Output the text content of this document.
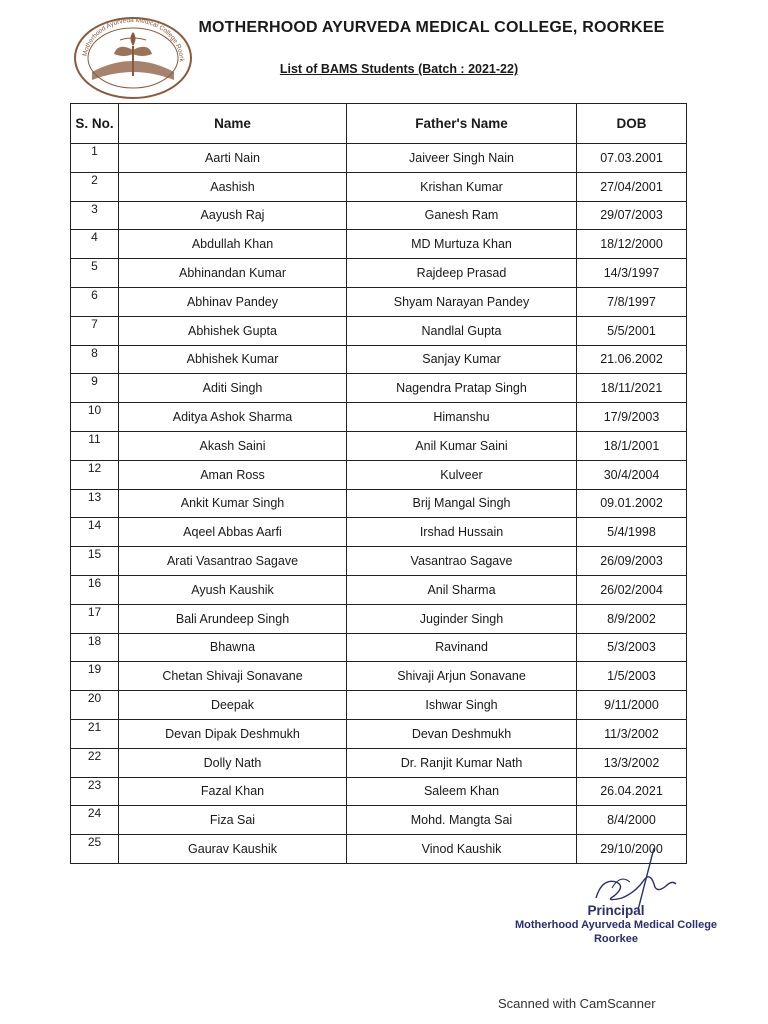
Motherhood Ayurveda Medical College Roork
MOTHERHOOD AYURVEDA MEDICAL COLLEGE, ROORKEE
List of BAMS Students (Batch : 2021-22)
S. No.	Name	Father's Name	DOB
1	Aarti Nain	Jaiveer Singh Nain	07.03.2001
2	Aashish	Krishan Kumar	27/04/2001
3	Aayush Raj	Ganesh Ram	29/07/2003
4	Abdullah Khan	MD Murtuza Khan	18/12/2000
5	Abhinandan Kumar	Rajdeep Prasad	14/3/1997
6	Abhinav Pandey	Shyam Narayan Pandey	7/8/1997
7	Abhishek Gupta	Nandlal Gupta	5/5/2001
8	Abhishek Kumar	Sanjay Kumar	21.06.2002
9	Aditi Singh	Nagendra Pratap Singh	18/11/2021
10	Aditya Ashok Sharma	Himanshu	17/9/2003
11	Akash Saini	Anil Kumar Saini	18/1/2001
12	Aman Ross	Kulveer	30/4/2004
13	Ankit Kumar Singh	Brij Mangal Singh	09.01.2002
14	Aqeel Abbas Aarfi	Irshad Hussain	5/4/1998
15	Arati Vasantrao Sagave	Vasantrao Sagave	26/09/2003
16	Ayush Kaushik	Anil Sharma	26/02/2004
17	Bali Arundeep Singh	Juginder Singh	8/9/2002
18	Bhawna	Ravinand	5/3/2003
19	Chetan Shivaji Sonavane	Shivaji Arjun Sonavane	1/5/2003
20	Deepak	Ishwar Singh	9/11/2000
21	Devan Dipak Deshmukh	Devan Deshmukh	11/3/2002
22	Dolly Nath	Dr. Ranjit Kumar Nath	13/3/2002
23	Fazal Khan	Saleem Khan	26.04.2021
24	Fiza Sai	Mohd. Mangta Sai	8/4/2000
25	Gaurav Kaushik	Vinod Kaushik	29/10/2000
Principal
Motherhood Ayurveda Medical College
Roorkee
Scanned with CamScanner
